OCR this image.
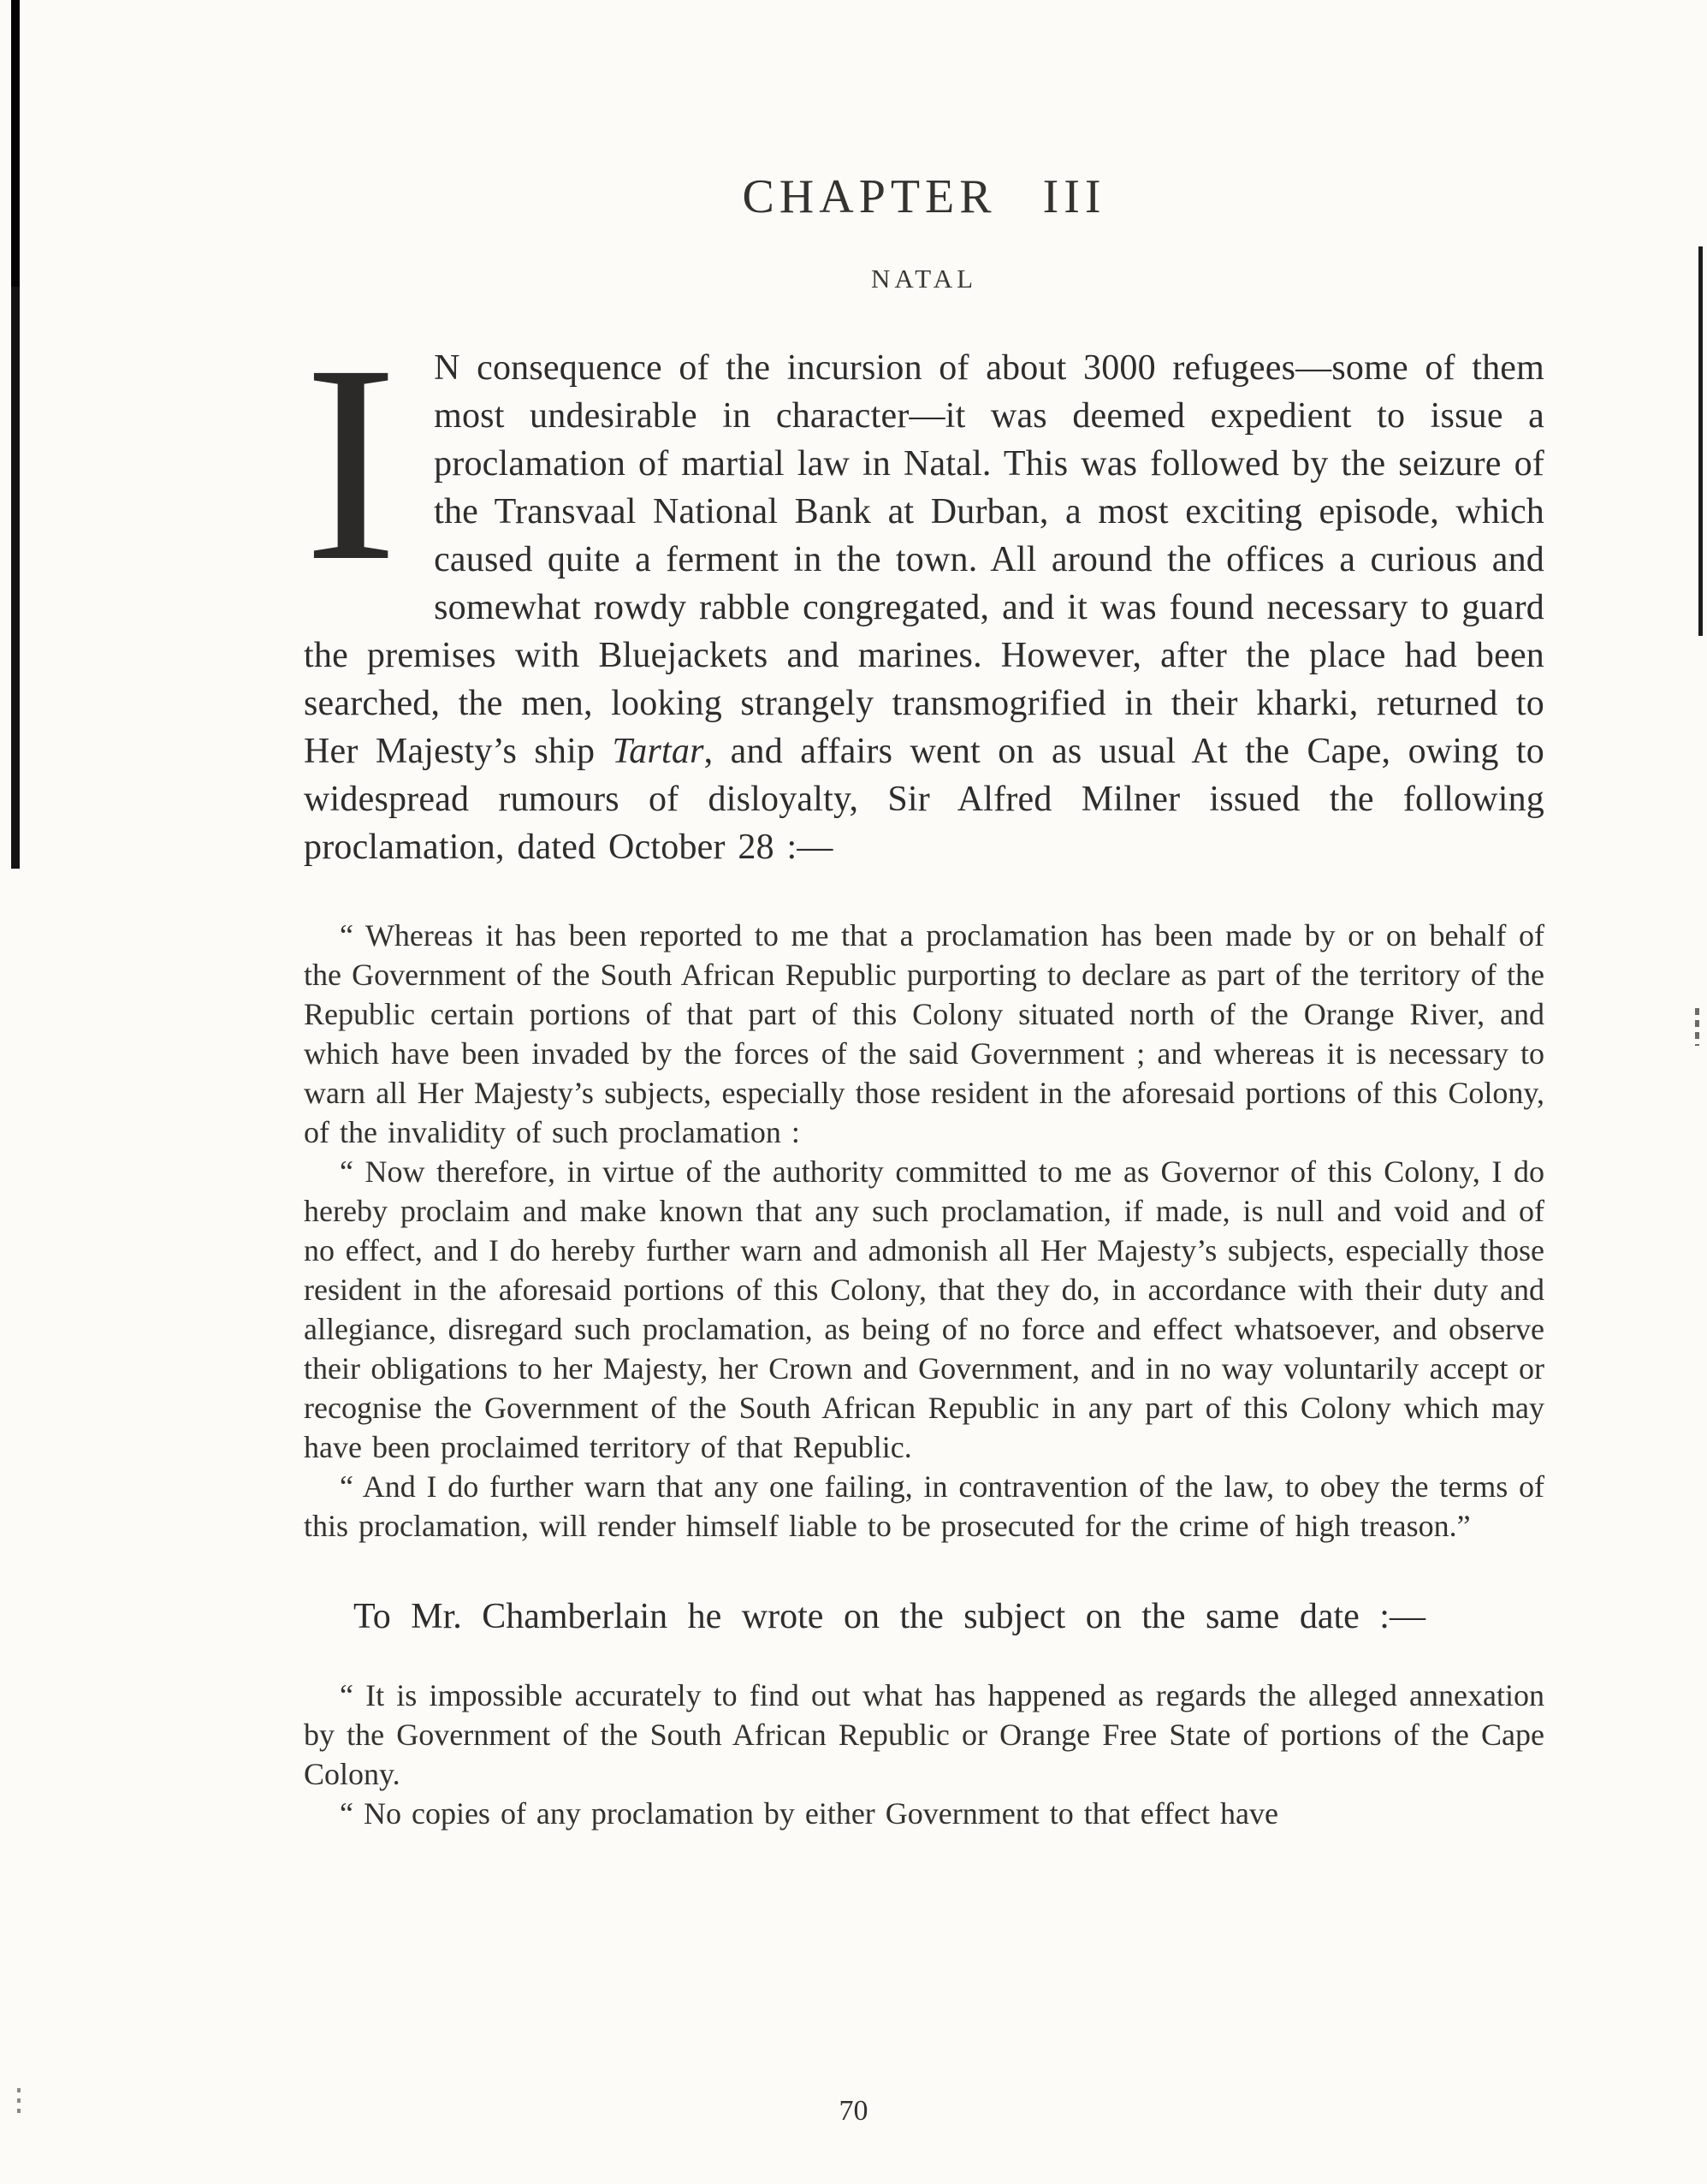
CHAPTER III
NATAL

I N consequence of the incursion of about 3000 refugees—some of them most undesirable in character—it was deemed expedient to issue a proclamation of martial law in Natal. This was followed by the seizure of the Transvaal National Bank at Durban, a most exciting episode, which caused quite a ferment in the town. All around the offices a curious and somewhat rowdy rabble congregated, and it was found necessary to guard the premises with Bluejackets and marines. However, after the place had been searched, the men, looking strangely transmogrified in their kharki, returned to Her Majesty’s ship Tartar, and affairs went on as usual At the Cape, owing to widespread rumours of disloyalty, Sir Alfred Milner issued the following proclamation, dated October 28 :—

“ Whereas it has been reported to me that a proclamation has been made by or on behalf of the Government of the South African Republic purporting to declare as part of the territory of the Republic certain portions of that part of this Colony situated north of the Orange River, and which have been invaded by the forces of the said Government ; and whereas it is necessary to warn all Her Majesty’s subjects, especially those resident in the aforesaid portions of this Colony, of the invalidity of such proclamation :

“ Now therefore, in virtue of the authority committed to me as Governor of this Colony, I do hereby proclaim and make known that any such proclamation, if made, is null and void and of no effect, and I do hereby further warn and admonish all Her Majesty’s subjects, especially those resident in the aforesaid portions of this Colony, that they do, in accordance with their duty and allegiance, disregard such proclamation, as being of no force and effect whatsoever, and observe their obligations to her Majesty, her Crown and Government, and in no way voluntarily accept or recognise the Government of the South African Republic in any part of this Colony which may have been proclaimed territory of that Republic.

“ And I do further warn that any one failing, in contravention of the law, to obey the terms of this proclamation, will render himself liable to be prosecuted for the crime of high treason.”

To Mr. Chamberlain he wrote on the subject on the same date :—

“ It is impossible accurately to find out what has happened as regards the alleged annexation by the Government of the South African Republic or Orange Free State of portions of the Cape Colony.

“ No copies of any proclamation by either Government to that effect have

70
